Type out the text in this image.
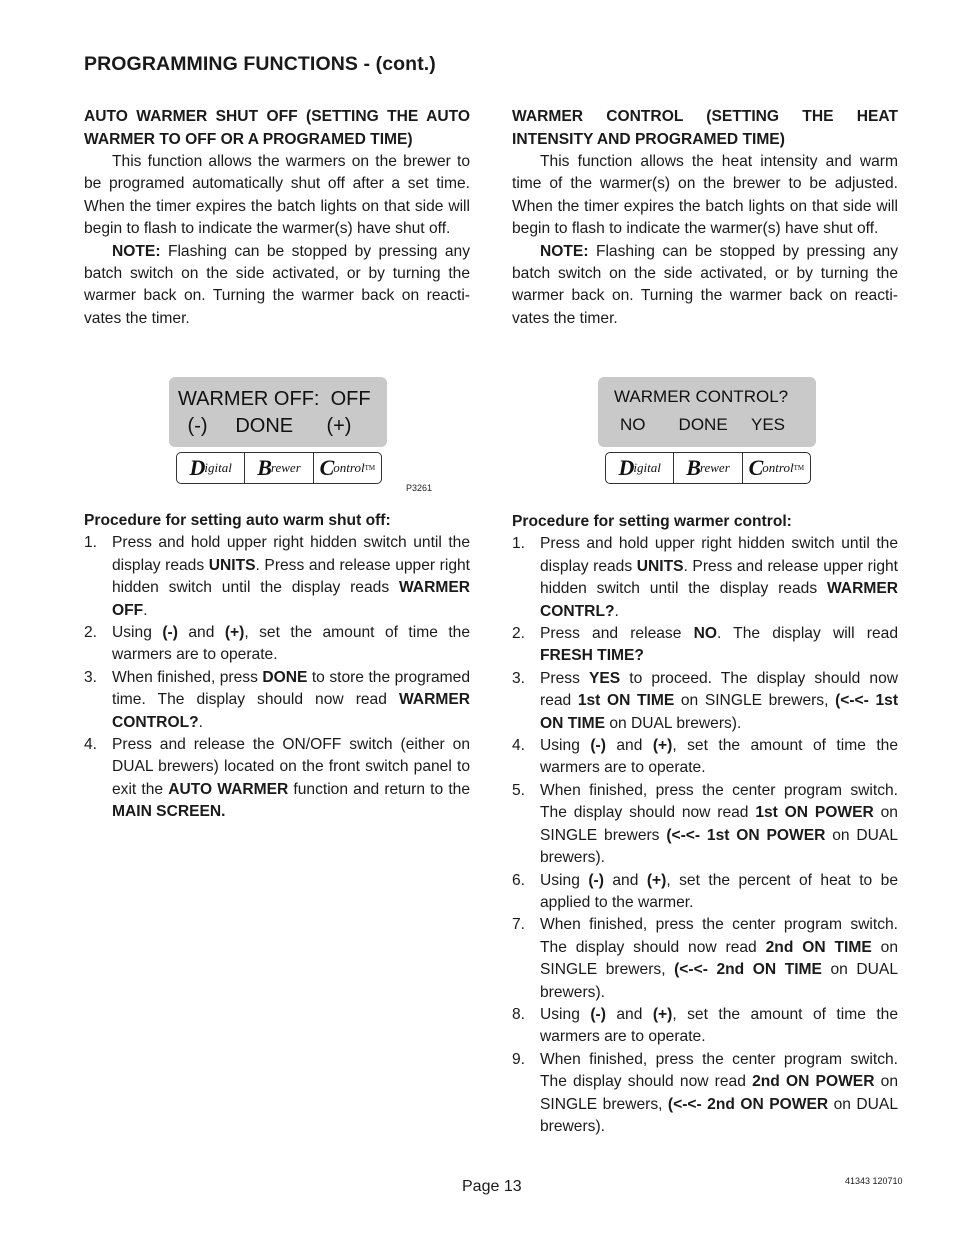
PROGRAMMING FUNCTIONS - (cont.)
AUTO WARMER SHUT OFF (SETTING THE AUTO WARMER TO OFF OR A PROGRAMED TIME)

This function allows the warmers on the brewer to be programed automatically shut off after a set time. When the timer expires the batch lights on that side will begin to flash to indicate the warmer(s) have shut off.

NOTE: Flashing can be stopped by pressing any batch switch on the side activated, or by turning the warmer back on. Turning the warmer back on reacti-vates the timer.

WARMER OFF:  OFF
(-)     DONE      (+)
D igital B rewer C ontrol TM
P3261

Procedure for setting auto warm shut off:

1. Press and hold upper right hidden switch until the display reads UNITS. Press and release upper right hidden switch until the display reads WARMER OFF.
2. Using (-) and (+), set the amount of time the warmers are to operate.
3. When finished, press DONE to store the programed time. The display should now read WARMER CONTROL?.
4. Press and release the ON/OFF switch (either on DUAL brewers) located on the front switch panel to exit the AUTO WARMER function and return to the MAIN SCREEN.
WARMER CONTROL (SETTING THE HEAT INTENSITY AND PROGRAMED TIME)

This function allows the heat intensity and warm time of the warmer(s) on the brewer to be adjusted. When the timer expires the batch lights on that side will begin to flash to indicate the warmer(s) have shut off.

NOTE: Flashing can be stopped by pressing any batch switch on the side activated, or by turning the warmer back on. Turning the warmer back on reacti-vates the timer.

WARMER CONTROL?
NO       DONE     YES
D igital B rewer C ontrol TM

Procedure for setting warmer control:

1. Press and hold upper right hidden switch until the display reads UNITS. Press and release upper right hidden switch until the display reads WARMER CONTRL?.
2. Press and release NO. The display will read FRESH TIME?
3. Press YES to proceed. The display should now read 1st ON TIME on SINGLE brewers, (<-<- 1st ON TIME on DUAL brewers).
4. Using (-) and (+), set the amount of time the warmers are to operate.
5. When finished, press the center program switch. The display should now read 1st ON POWER on SINGLE brewers (<-<- 1st ON POWER on DUAL brewers).
6. Using (-) and (+), set the percent of heat to be applied to the warmer.
7. When finished, press the center program switch. The display should now read 2nd ON TIME on SINGLE brewers, (<-<- 2nd ON TIME on DUAL brewers).
8. Using (-) and (+), set the amount of time the warmers are to operate.
9. When finished, press the center program switch. The display should now read 2nd ON POWER on SINGLE brewers, (<-<- 2nd ON POWER on DUAL brewers).
Page 13	41343 120710
